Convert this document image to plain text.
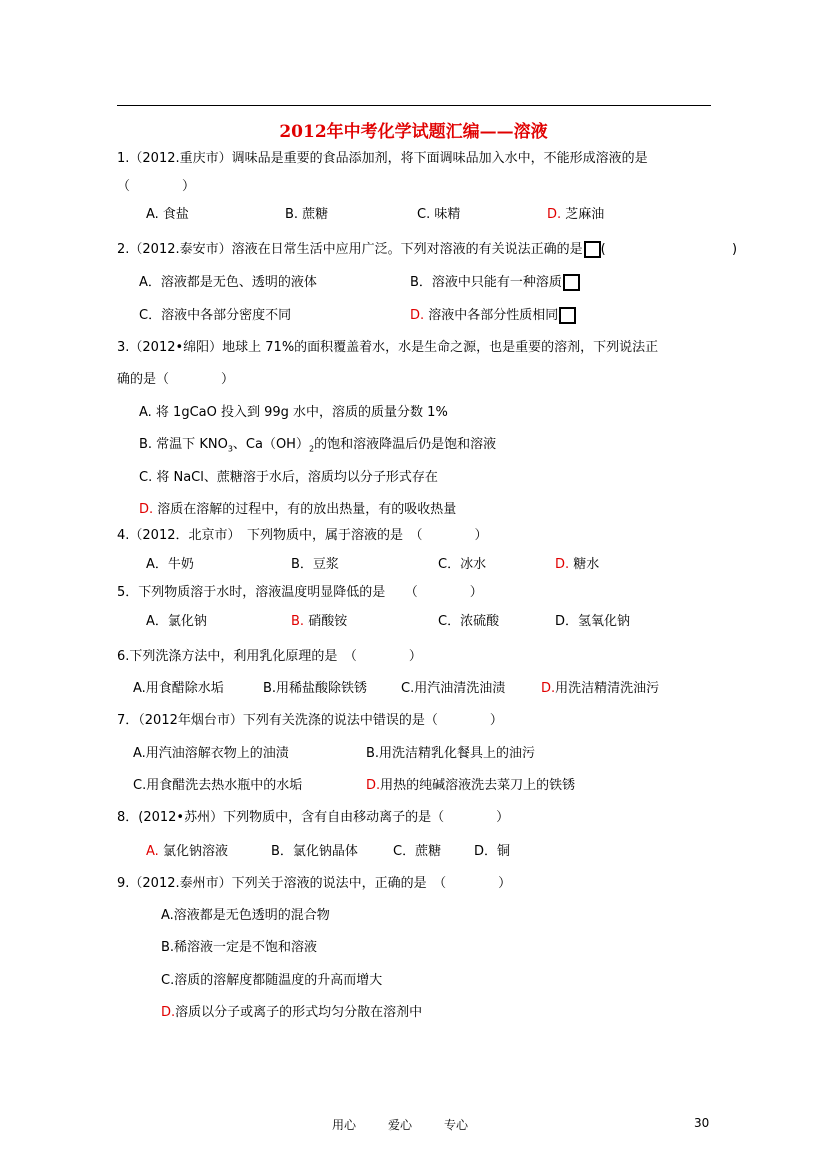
2012年中考化学试题汇编——溶液
1.（2012.重庆市）调味品是重要的食品添加剂，将下面调味品加入水中，不能形成溶液的是
（　　　　）
A. 食盐	B. 蔗糖	C. 味精	D. 芝麻油
2.（2012.泰安市）溶液在日常生活中应用广泛。下列对溶液的有关说法正确的是 (	)
A．溶液都是无色、透明的液体	B．溶液中只能有一种溶质
C．溶液中各部分密度不同	D. 溶液中各部分性质相同
3.（2012•绵阳）地球上 71%的面积覆盖着水，水是生命之源，也是重要的溶剂，下列说法正
确的是（　　　　）
A. 将 1gCaO 投入到 99g 水中，溶质的质量分数 1%
B. 常温下 $KNO_3$、$Ca(OH)_2$的饱和溶液降温后仍是饱和溶液
C. 将 NaCl、蔗糖溶于水后，溶质均以分子形式存在
D. 溶质在溶解的过程中，有的放出热量，有的吸收热量
4.（2012．北京市）　下列物质中，属于溶液的是　（　　　　）
A．牛奶	B．豆浆	C．冰水	D. 糖水
5．下列物质溶于水时，溶液温度明显降低的是　　（　　　　）
A．氯化钠	B. 硝酸铵	C．浓硫酸	D．氢氧化钠
6.下列洗涤方法中，利用乳化原理的是　（　　　　）
A.用食醋除水垢	B.用稀盐酸除铁锈	C.用汽油清洗油渍	D.用洗洁精清洗油污
7．（2012年烟台市）下列有关洗涤的说法中错误的是（　　　　）
A.用汽油溶解衣物上的油渍	B.用洗洁精乳化餐具上的油污
C.用食醋洗去热水瓶中的水垢	D.用热的纯碱溶液洗去菜刀上的铁锈
8．(2012•苏州）下列物质中，含有自由移动离子的是（　　　　）
A. 氯化钠溶液	B．氯化钠晶体	C．蔗糖	D．铜
9.（2012.泰州市）下列关于溶液的说法中，正确的是　（　　　　）
A.溶液都是无色透明的混合物
B.稀溶液一定是不饱和溶液
C.溶质的溶解度都随温度的升高而增大
D.溶质以分子或离子的形式均匀分散在溶剂中
用心	爱心	专心	30
